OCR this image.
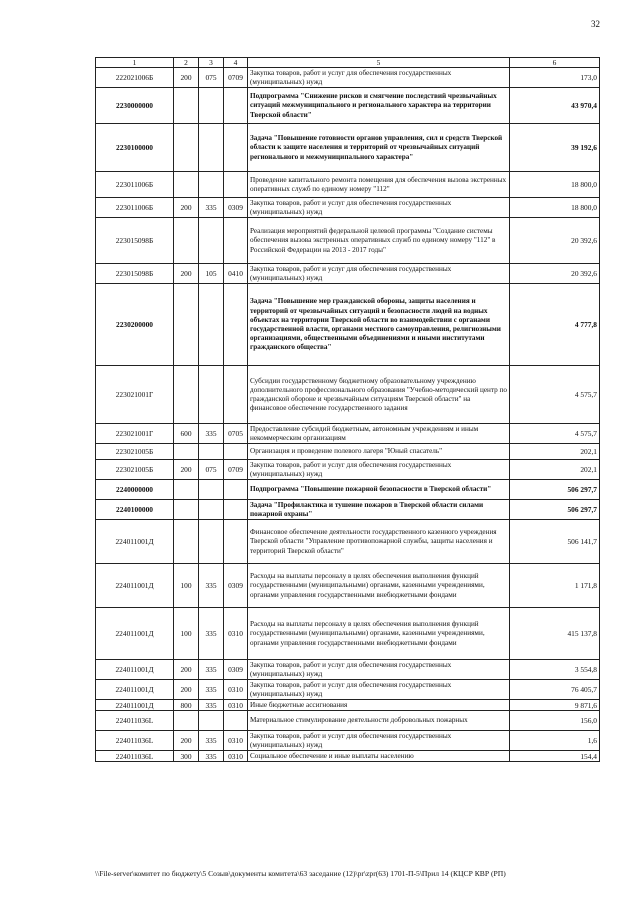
32
1	2	3	4	5	6
222021006Б	200	075	0709	Закупка товаров, работ и услуг для обеспечения государственных (муниципальных) нужд	173,0
2230000000				Подпрограмма "Снижение рисков и смягчение последствий чрезвычайных ситуаций межмуниципального и регионального характера на территории Тверской области"	43 970,4
2230100000				Задача "Повышение готовности органов управления, сил и средств Тверской области к защите населения и территорий от чрезвычайных ситуаций регионального и межмуниципального характера"	39 192,6
223011006Б				Проведение капитального ремонта помещения для обеспечения вызова экстренных оперативных служб по единому номеру "112"	18 800,0
223011006Б	200	335	0309	Закупка товаров, работ и услуг для обеспечения государственных (муниципальных) нужд	18 800,0
223015098Б				Реализация мероприятий федеральной целевой программы "Создание системы обеспечения вызова экстренных оперативных служб по единому номеру "112" в Российской Федерации на 2013 - 2017 годы"	20 392,6
223015098Б	200	105	0410	Закупка товаров, работ и услуг для обеспечения государственных (муниципальных) нужд	20 392,6
2230200000				Задача "Повышение мер гражданской обороны, защиты населения и территорий от чрезвычайных ситуаций и безопасности людей на водных объектах на территории Тверской области во взаимодействии с органами государственной власти, органами местного самоуправления, религиозными организациями, общественными объединениями и иными институтами гражданского общества"	4 777,8
223021001Г				Субсидии государственному бюджетному образовательному учреждению дополнительного профессионального образования "Учебно-методический центр по гражданской обороне и чрезвычайным ситуациям Тверской области" на финансовое обеспечение государственного задания	4 575,7
223021001Г	600	335	0705	Предоставление субсидий бюджетным, автономным учреждениям и иным некоммерческим организациям	4 575,7
223021005Б				Организация и проведение полевого лагеря "Юный спасатель"	202,1
223021005Б	200	075	0709	Закупка товаров, работ и услуг для обеспечения государственных (муниципальных) нужд	202,1
2240000000				Подпрограмма "Повышение пожарной безопасности в Тверской области"	506 297,7
2240100000				Задача "Профилактика и тушение пожаров в Тверской области силами пожарной охраны"	506 297,7
224011001Д				Финансовое обеспечение деятельности государственного казенного учреждения Тверской области "Управление противопожарной службы, защиты населения и территорий Тверской области"	506 141,7
224011001Д	100	335	0309	Расходы на выплаты персоналу в целях обеспечения выполнения функций государственными (муниципальными) органами, казенными учреждениями, органами управления государственными внебюджетными фондами	1 171,8
224011001Д	100	335	0310	Расходы на выплаты персоналу в целях обеспечения выполнения функций государственными (муниципальными) органами, казенными учреждениями, органами управления государственными внебюджетными фондами	415 137,8
224011001Д	200	335	0309	Закупка товаров, работ и услуг для обеспечения государственных (муниципальных) нужд	3 554,8
224011001Д	200	335	0310	Закупка товаров, работ и услуг для обеспечения государственных (муниципальных) нужд	76 405,7
224011001Д	800	335	0310	Иные бюджетные ассигнования	9 871,6
224011036L				Материальное стимулирование деятельности добровольных пожарных	156,0
224011036L	200	335	0310	Закупка товаров, работ и услуг для обеспечения государственных (муниципальных) нужд	1,6
224011036L	300	335	0310	Социальное обеспечение и иные выплаты населению	154,4
\\File-server\комитет по бюджету\5 Созыв\документы комитета\63 заседание (12)\pr\zpr(63) 1701-П-5\Прил 14 (КЦСР КВР (РП)
